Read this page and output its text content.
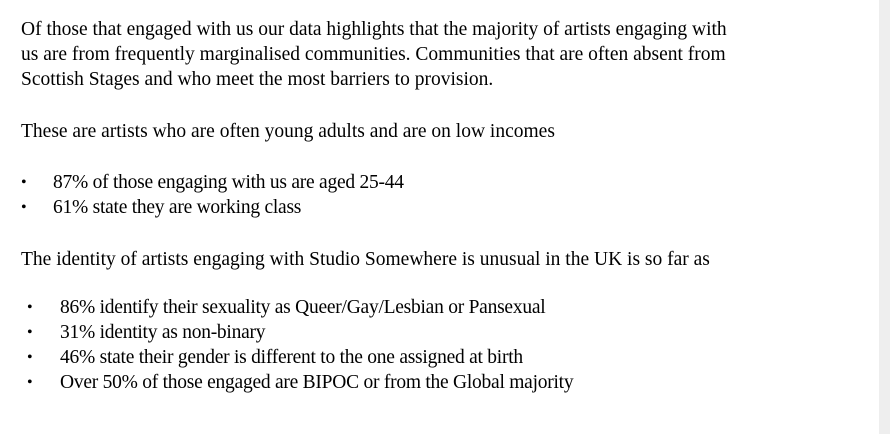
Of those that engaged with us our data highlights that the majority of artists engaging with
us are from frequently marginalised communities. Communities that are often absent from
Scottish Stages and who meet the most barriers to provision.
These are artists who are often young adults and are on low incomes
• 87% of those engaging with us are aged 25-44
• 61% state they are working class
The identity of artists engaging with Studio Somewhere is unusual in the UK is so far as
• 86% identify their sexuality as Queer/Gay/Lesbian or Pansexual
• 31% identity as non-binary
• 46% state their gender is different to the one assigned at birth
• Over 50% of those engaged are BIPOC or from the Global majority
